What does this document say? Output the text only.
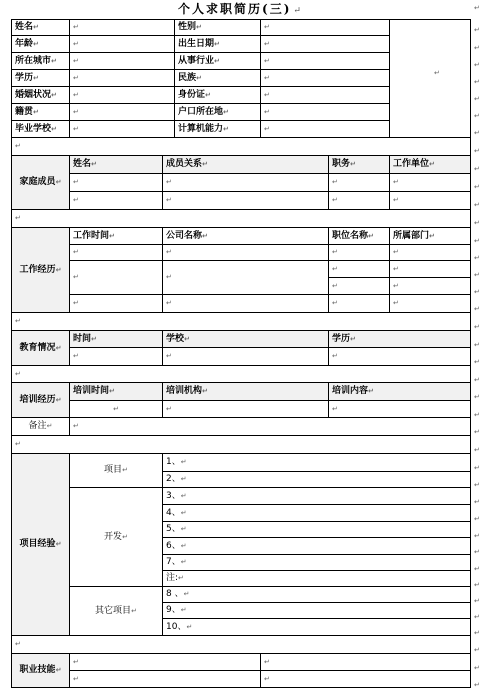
个人求职简历(三) ↵
姓名↵	↵		性别↵	↵	
↵

年龄↵	↵		出生日期↵	↵
所在城市↵	↵		从事行业↵	↵
学历↵	↵		民族↵	↵
婚姻状况↵	↵		身份证↵	↵
籍贯↵	↵		户口所在地↵	↵
毕业学校↵	↵		计算机能力↵	↵
↵
家庭成员↵	姓名↵	成员关系↵			职务↵	工作单位↵
↵	↵	↵	↵
↵	↵	↵	↵
↵
工作经历↵	工作时间↵	公司名称↵			职位名称↵	所属部门↵
↵	↵	↵	↵
↵	↵	↵	↵
↵	↵
↵	↵	↵	↵
↵
教育情况↵	时间↵	学校↵			学历↵
↵	↵	↵
↵
培训经历↵	培训时间↵	培训机构↵			培训内容↵
↵	↵	↵
备注↵	↵
↵
项目经验↵	项目↵	1、↵
		2、↵
	开发↵	3、↵
		4、↵
		5、↵
		6、↵
		7、↵
		注:↵
	其它项目↵	8 、↵
		9、↵
		10、↵
↵
职业技能↵	↵	↵
↵	↵
↵
↵
↵
↵
↵
↵
↵
↵
↵
↵
↵
↵
↵
↵
↵
↵
↵
↵
↵
↵
↵
↵
↵
↵
↵
↵
↵
↵
↵
↵
↵
↵
↵
↵
↵
↵
↵
↵
↵
↵
